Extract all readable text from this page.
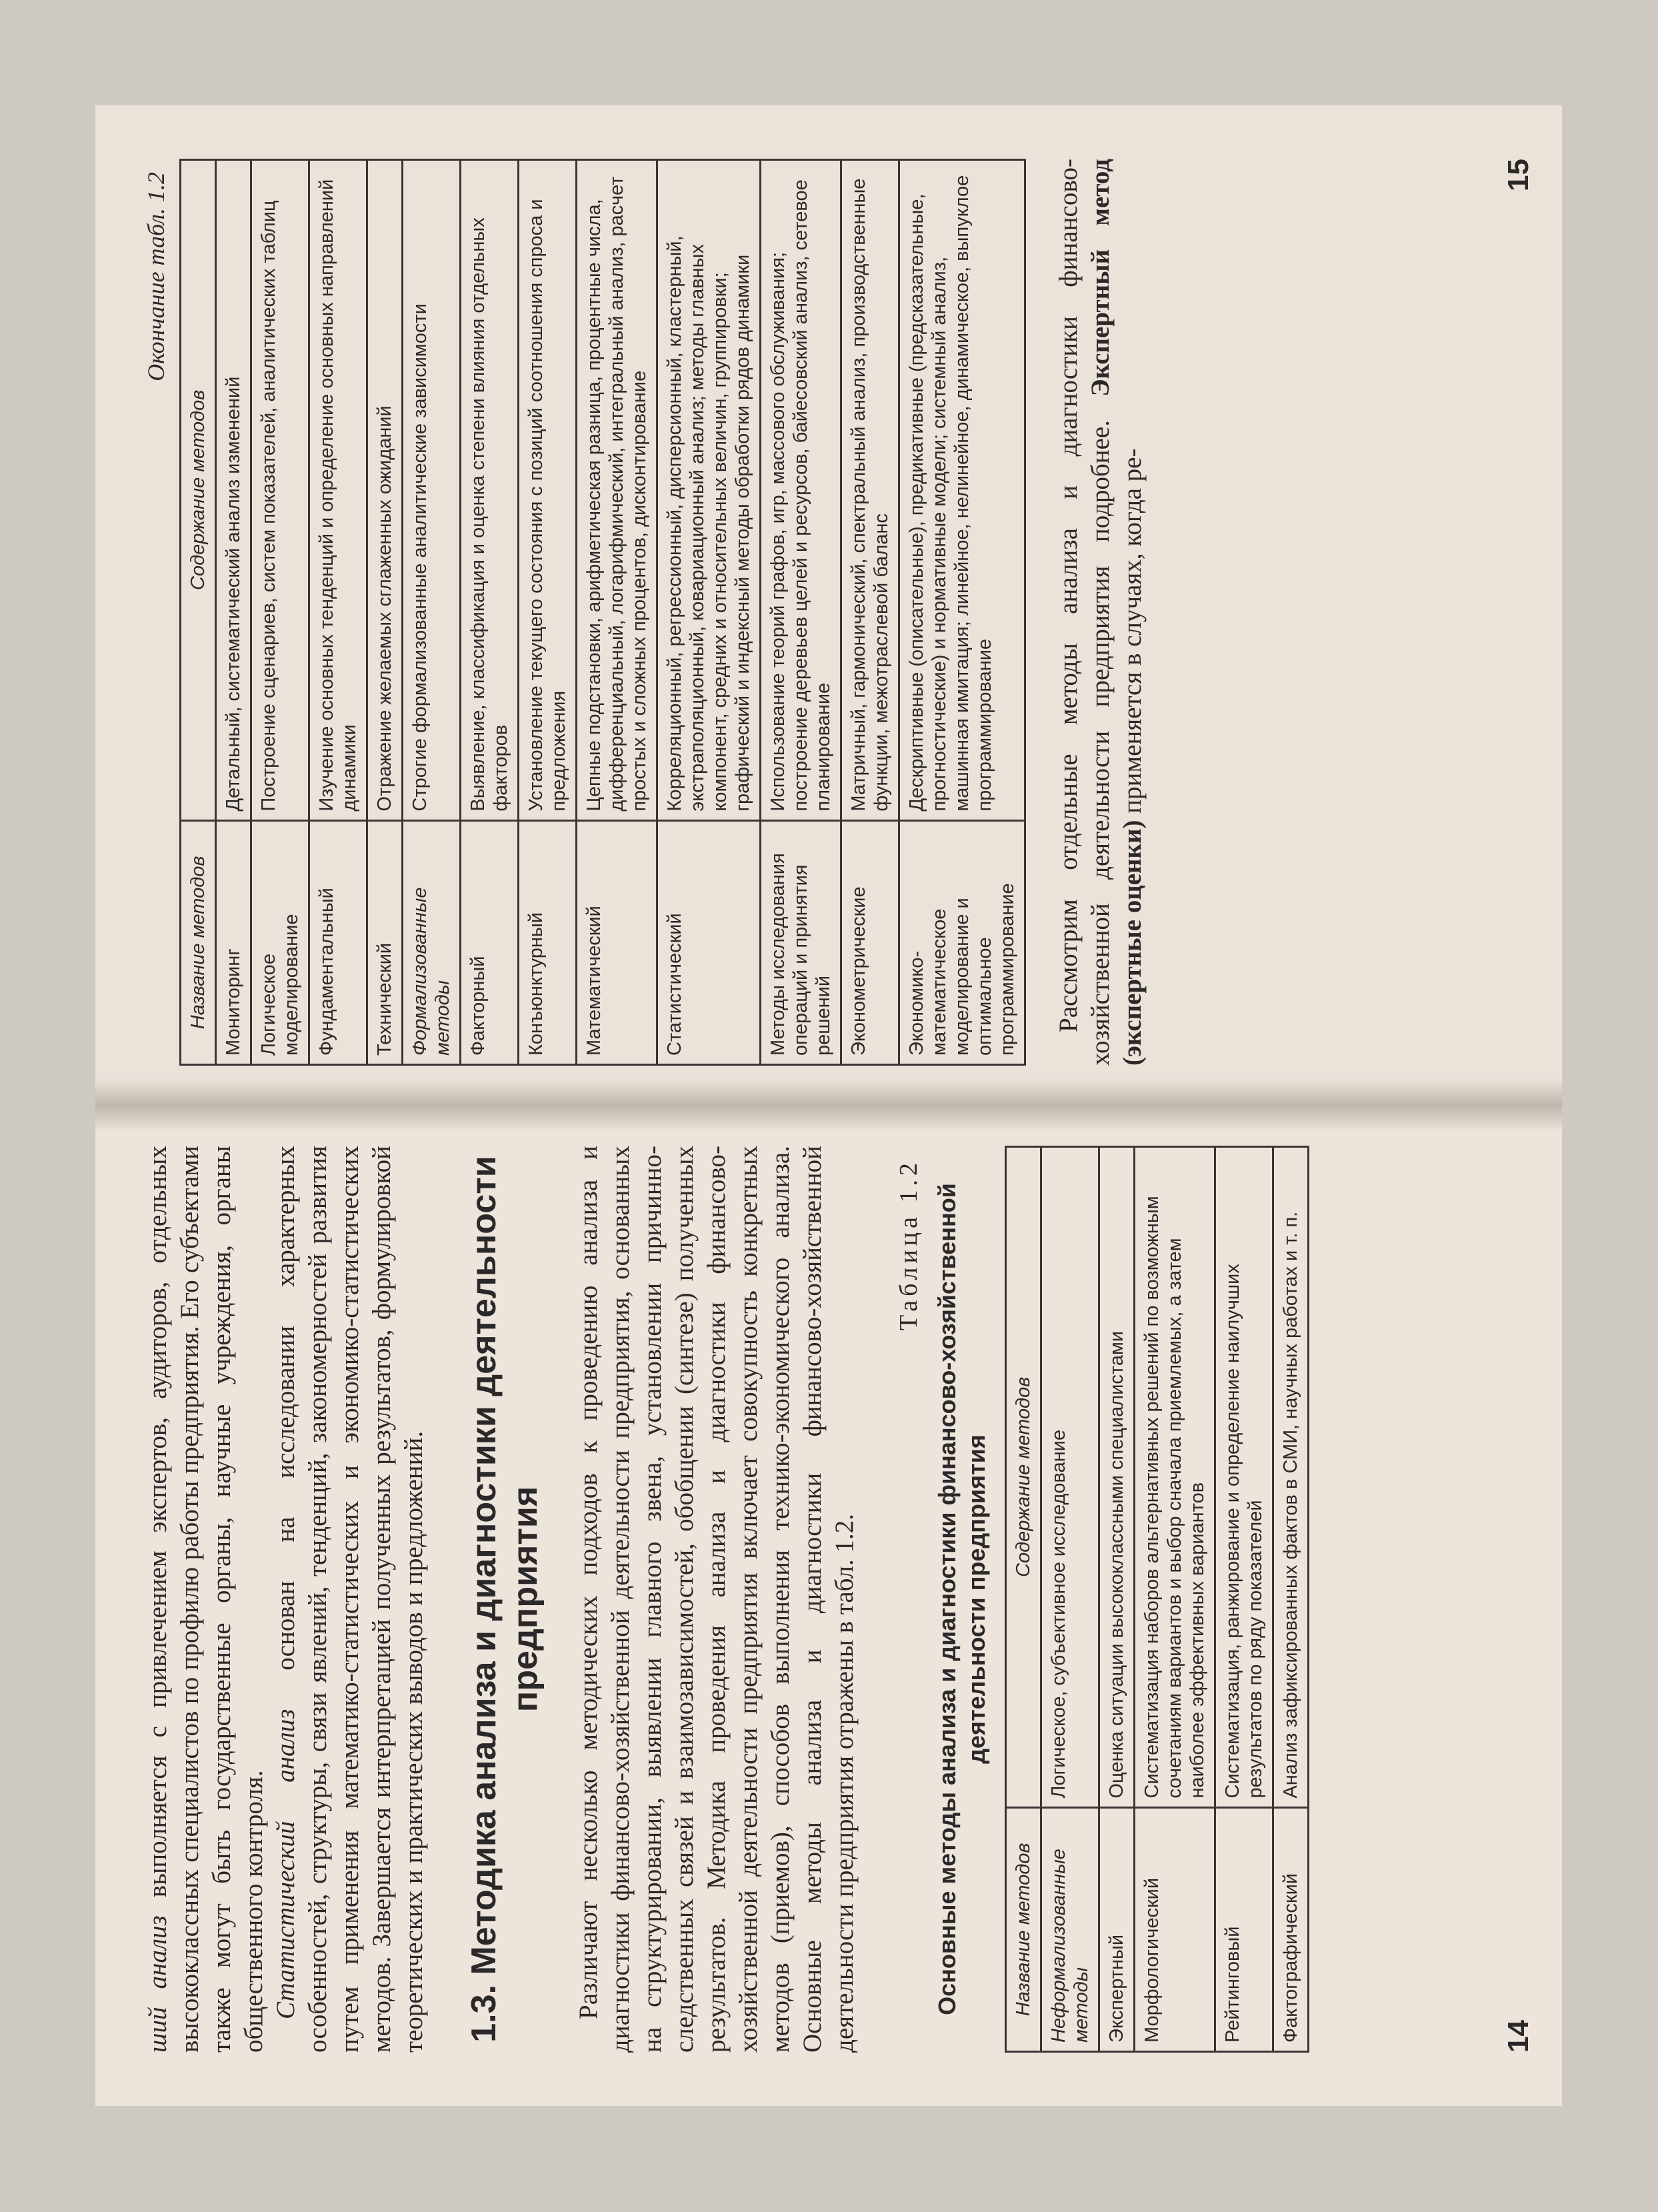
ший анализ выполняется с привлечением экспертов, аудиторов, отдельных высококлассных специалистов по профилю работы предприятия. Его субъектами также могут быть государственные органы, научные учреждения, органы общественного контроля. Статистический анализ основан на исследовании характерных особенностей, структуры, связи явлений, тенденций, закономерностей развития путем применения математико-статистических и экономико-статистических методов. Завершается интерпретацией полученных результатов, формулировкой теоретических и практических выводов и предложений. 1.3. Методика анализа и диагностики деятельности предприятия Различают несколько методических подходов к проведению анализа и диагностики финансово-хозяйственной деятельности предприятия, основанных на структурировании, выявлении главного звена, установлении причинно-следственных связей и взаимозависимостей, обобщении (синтезе) полученных результатов. Методика проведения анализа и диагностики финансово-хозяйственной деятельности предприятия включает совокупность конкретных методов (приемов), способов выполнения технико-экономического анализа. Основные методы анализа и диагностики финансово-хозяйственной деятельности предприятия отражены в табл. 1.2.

Таблица 1.2 Основные методы анализа и диагностики финансово-хозяйственной деятельности предприятия
Название методов	Содержание методов
Неформализованные методы	Логическое, субъективное исследование
Экспертный	Оценка ситуации высококлассными специалистами
Морфологический	Систематизация наборов альтернативных решений по возможным сочетаниям вариантов и выбор сначала приемлемых, а затем наиболее эффективных вариантов
Рейтинговый	Систематизация, ранжирование и определение наилучших результатов по ряду показателей
Фактографический	Анализ зафиксированных фактов в СМИ, научных работах и т. п.
14
Окончание табл. 1.2
Название методов	Содержание методов
Мониторинг	Детальный, систематический анализ изменений
Логическое моделирование	Построение сценариев, систем показателей, аналитических таблиц
Фундаментальный	Изучение основных тенденций и определение основных направлений динамики
Технический	Отражение желаемых сглаженных ожиданий
Формализованные методы	Строгие формализованные аналитические зависимости
Факторный	Выявление, классификация и оценка степени влияния отдельных факторов
Конъюнктурный	Установление текущего состояния с позиций соотношения спроса и предложения
Математический	Цепные подстановки, арифметическая разница, процентные числа, дифференциальный, логарифмический, интегральный анализ, расчет простых и сложных процентов, дисконтирование
Статистический	Корреляционный, регрессионный, дисперсионный, кластерный, экстраполяционный, ковариационный анализ; методы главных компонент, средних и относительных величин, группировки; графический и индексный методы обработки рядов динамики
Методы исследования операций и принятия решений	Использование теорий графов, игр, массового обслуживания; построение деревьев целей и ресурсов, байесовский анализ, сетевое планирование
Эконометрические	Матричный, гармонический, спектральный анализ, производственные функции, межотраслевой баланс
Экономико-математическое моделирование и оптимальное программирование	Дескриптивные (описательные), предикативные (предсказательные, прогностические) и нормативные модели; системный анализ, машинная имитация; линейное, нелинейное, динамическое, выпуклое программирование Рассмотрим отдельные методы анализа и диагностики финансово-хозяйственной деятельности предприятия подробнее. Экспертный метод (экспертные оценки) применяется в случаях, когда ре-

15
